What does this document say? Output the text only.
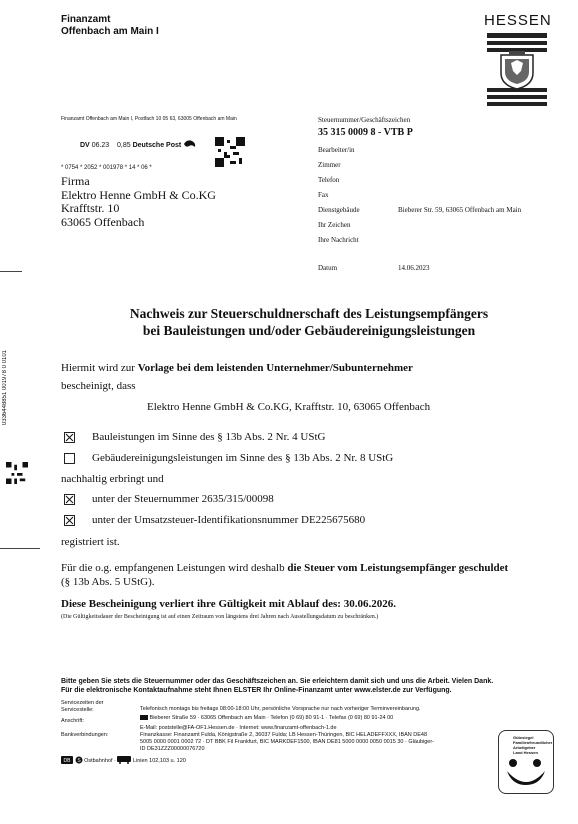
Finanzamt
Offenbach am Main I
HESSEN
Finanzamt Offenbach am Main I, Postfach 10 05 63, 63005 Offenbach am Main
DV 06.23 0,85 Deutsche Post
* 0754 * 2052 * 001978 * 14 * 06 *
Firma
Elektro Henne GmbH & Co.KG
Krafftstr. 10
63065 Offenbach
Steuernummer/Geschäftszeichen
35 315 0009 8 - VTB P
Bearbeiter/in
Zimmer
Telefon
Fax
Dienstgebäude	Bieberer Str. 59, 63065 Offenbach am Main
Ihr Zeichen
Ihre Nachricht
Datum	14.06.2023
0336448851 001978 0 0101
Nachweis zur Steuerschuldnerschaft des Leistungsempfängers
bei Bauleistungen und/oder Gebäudereinigungsleistungen
Hiermit wird zur Vorlage bei dem leistenden Unternehmer/Subunternehmer
bescheinigt, dass
Elektro Henne GmbH & Co.KG, Krafftstr. 10, 63065 Offenbach
Bauleistungen im Sinne des § 13b Abs. 2 Nr. 4 UStG
Gebäudereinigungsleistungen im Sinne des § 13b Abs. 2 Nr. 8 UStG
nachhaltig erbringt und
unter der Steuernummer 2635/315/00098
unter der Umsatzsteuer-Identifikationsnummer DE225675680
registriert ist.
Für die o.g. empfangenen Leistungen wird deshalb die Steuer vom Leistungsempfänger geschuldet
(§ 13b Abs. 5 UStG).
Diese Bescheinigung verliert ihre Gültigkeit mit Ablauf des: 30.06.2026.
(Die Gültigkeitsdauer der Bescheinigung ist auf einen Zeitraum von längstens drei Jahren nach Ausstellungsdatum zu beschränken.)
Bitte geben Sie stets die Steuernummer oder das Geschäftszeichen an. Sie erleichtern damit sich und uns die Arbeit. Vielen Dank.
Für die elektronische Kontaktaufnahme steht Ihnen ELSTER Ihr Online-Finanzamt unter www.elster.de zur Verfügung.
Servicezeiten der Servicestelle:	Telefonisch montags bis freitags 08:00-18:00 Uhr, persönliche Vorsprache nur nach vorheriger Terminvereinbarung.
Anschrift:	Bieberer Straße 59 · 63065 Offenbach am Main · Telefon (0 69) 80 91-1 · Telefax (0 69) 80 91-24 00
E-Mail: poststelle@FA-OF1.Hessen.de · Internet: www.finanzamt-offenbach-1.de
Bankverbindungen:	Finanzkasse: Finanzamt Fulda, Königstraße 2, 36037 Fulda; LB Hessen-Thüringen, BIC HELADEFFXXX, IBAN DE48
5005 0000 0001 0002 72 · DT BBK Fil Frankfurt, BIC MARKDEF1500, IBAN DE81 5000 0000 0050 0015 30 · Gläubiger-
ID DE31ZZZ00000076720
DB
S Ostbahnhof ·	Linien 102,103 u. 120
Gütesiegel
Familienfreundlicher
Arbeitgeber
Land Hessen
